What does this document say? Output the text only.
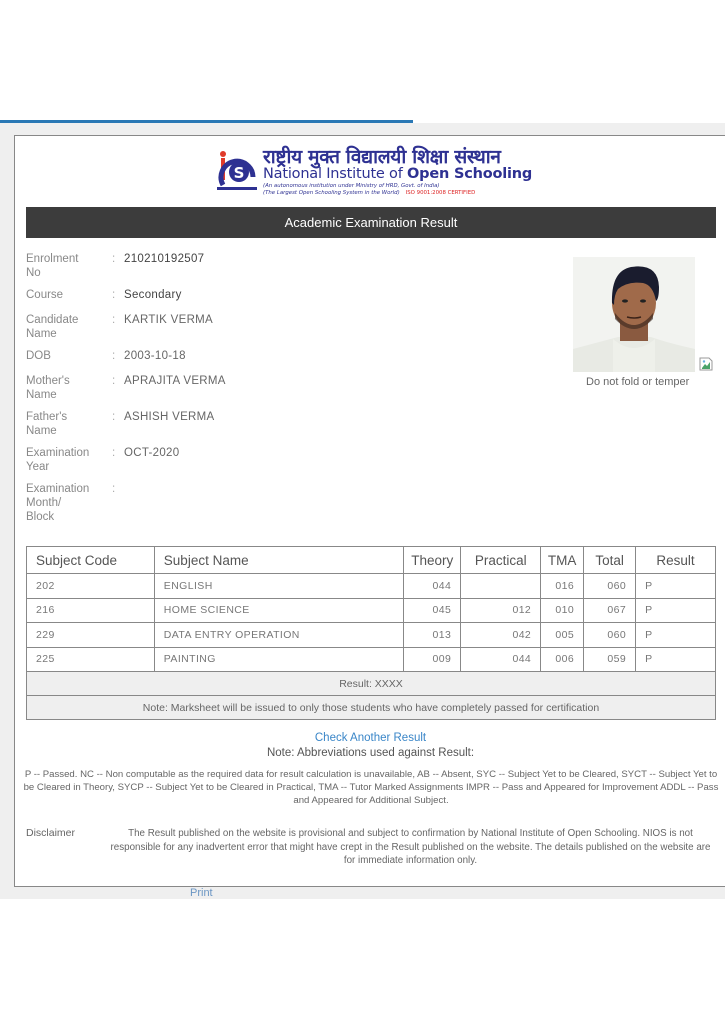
S
राष्ट्रीय मुक्त विद्यालयी शिक्षा संस्थान
National Institute of Open Schooling
(An autonomous institution under Ministry of HRD, Govt. of India)
(The Largest Open Schooling System in the World) ISO 9001:2008 CERTIFIED
Academic Examination Result
Enrolment
No
: 210210192507
Course	: Secondary
Candidate
Name
: KARTIK VERMA
DOB	: 2003-10-18
Mother's
Name
: APRAJITA VERMA
Father's
Name
: ASHISH VERMA
Examination
Year
: OCT-2020
Examination
Month/
Block
:
Do not fold or temper
Subject Code	Subject Name	Theory	Practical	TMA	Total	Result
202	ENGLISH	044		016	060	P
216	HOME SCIENCE	045	012	010	067	P
229	DATA ENTRY OPERATION	013	042	005	060	P
225	PAINTING	009	044	006	059	P
Result: XXXX						
Note: Marksheet will be issued to only those students who have completely passed for certification						
Check Another Result
Note: Abbreviations used against Result:
P -- Passed. NC -- Non computable as the required data for result calculation is unavailable, AB -- Absent, SYC -- Subject Yet to be Cleared, SYCT -- Subject Yet to be Cleared in Theory, SYCP -- Subject Yet to be Cleared in Practical, TMA -- Tutor Marked Assignments IMPR -- Pass and Appeared for Improvement ADDL -- Pass and Appeared for Additional Subject.
Disclaimer	The Result published on the website is provisional and subject to confirmation by National Institute of Open Schooling. NIOS is not responsible for any inadvertent error that might have crept in the Result published on the website. The details published on the website are for immediate information only.
Print
